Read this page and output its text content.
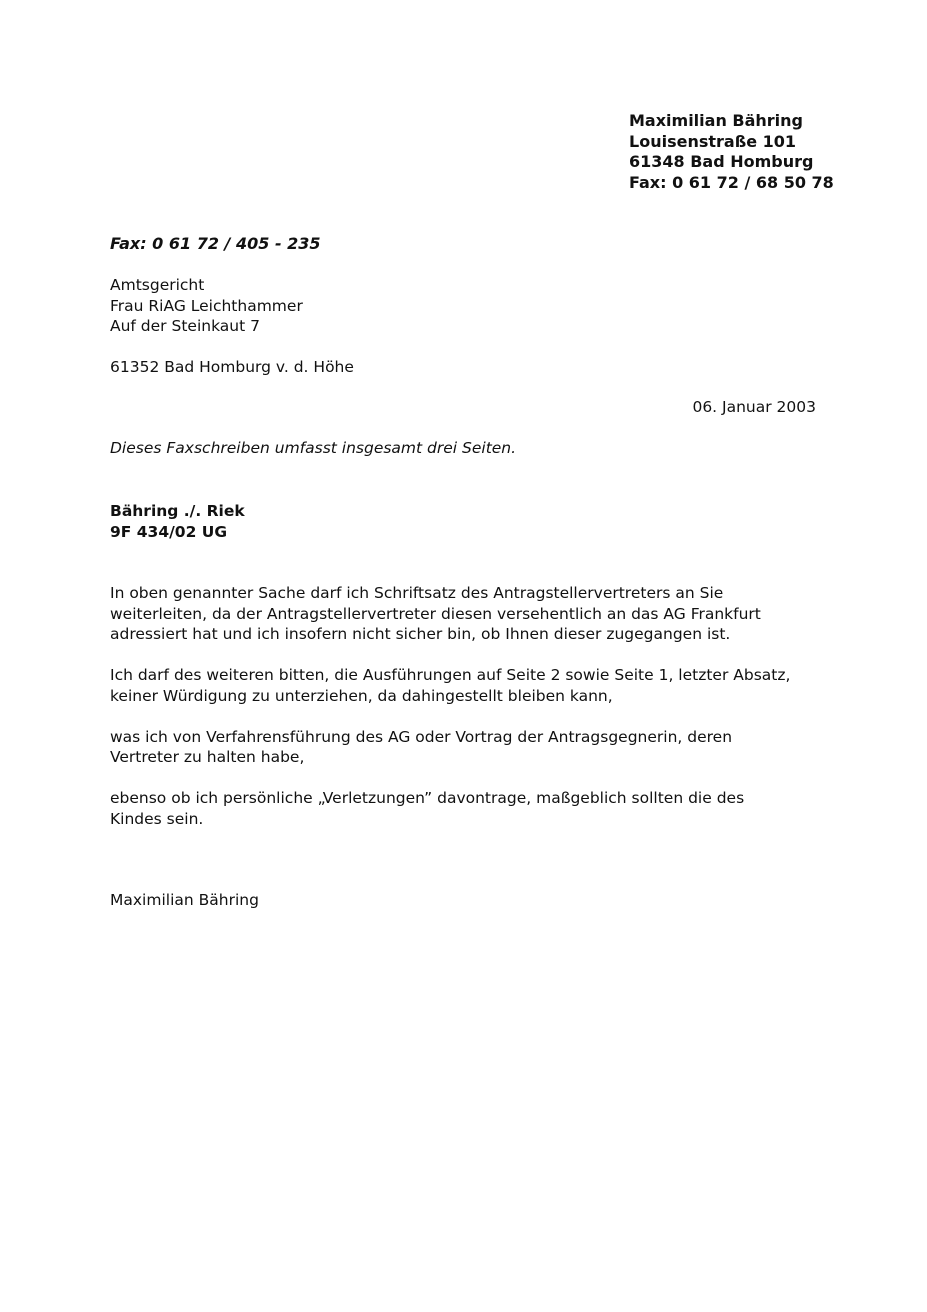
Maximilian Bähring
Louisenstraße 101
61348 Bad Homburg
Fax: 0 61 72 / 68 50 78
Fax: 0 61 72 / 405 - 235
Amtsgericht
Frau RiAG Leichthammer
Auf der Steinkaut 7
61352 Bad Homburg v. d. Höhe
06. Januar 2003
Dieses Faxschreiben umfasst insgesamt drei Seiten.
Bähring ./. Riek
9F 434/02 UG
In oben genannter Sache darf ich Schriftsatz des Antragstellervertreters an Sie
weiterleiten, da der Antragstellervertreter diesen versehentlich an das AG Frankfurt
adressiert hat und ich insofern nicht sicher bin, ob Ihnen dieser zugegangen ist.
Ich darf des weiteren bitten, die Ausführungen auf Seite 2 sowie Seite 1, letzter Absatz,
keiner Würdigung zu unterziehen, da dahingestellt bleiben kann,
was ich von Verfahrensführung des AG oder Vortrag der Antragsgegnerin, deren
Vertreter zu halten habe,
ebenso ob ich persönliche „Verletzungen” davontrage, maßgeblich sollten die des
Kindes sein.
Maximilian Bähring
